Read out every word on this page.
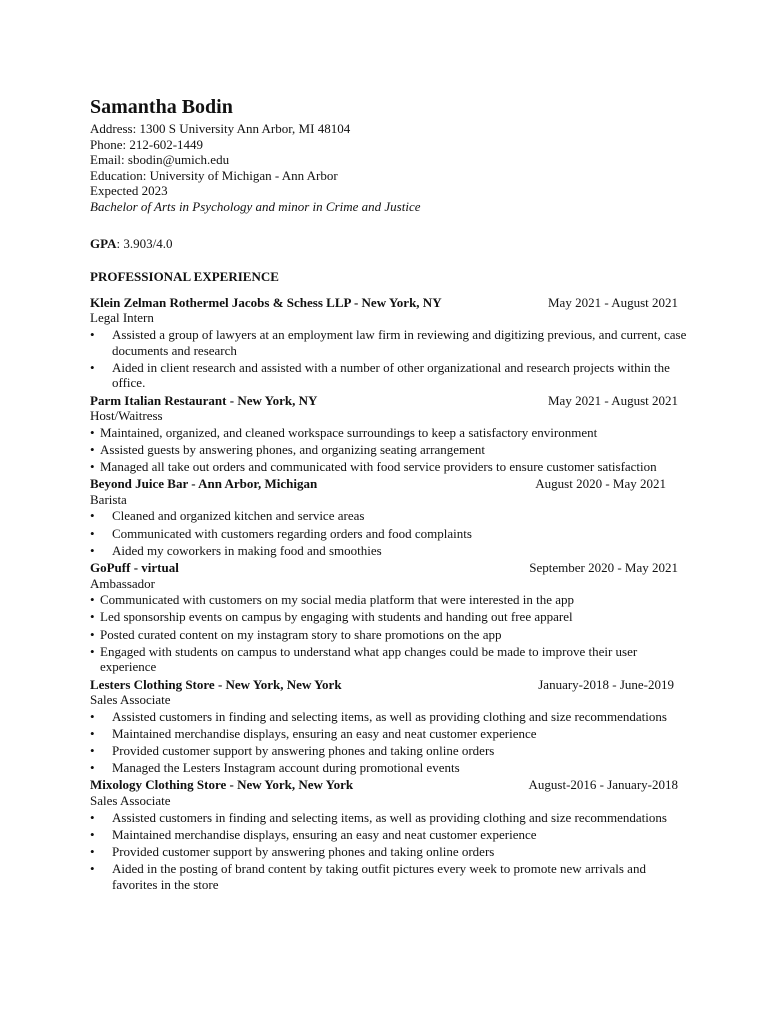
Samantha Bodin

Address: 1300 S University Ann Arbor, MI 48104

Phone: 212-602-1449

Email: sbodin@umich.edu

Education: University of Michigan - Ann Arbor

Expected 2023

Bachelor of Arts in Psychology and minor in Crime and Justice

GPA: 3.903/4.0

PROFESSIONAL EXPERIENCE
Klein Zelman Rothermel Jacobs & Schess LLP - New York, NY	May 2021 - August 2021
Legal Intern
• Assisted a group of lawyers at an employment law firm in reviewing and digitizing previous, and current, case documents and research
• Aided in client research and assisted with a number of other organizational and research projects within the office.
Parm Italian Restaurant - New York, NY	May 2021 - August 2021
Host/Waitress
• Maintained, organized, and cleaned workspace surroundings to keep a satisfactory environment
• Assisted guests by answering phones, and organizing seating arrangement
• Managed all take out orders and communicated with food service providers to ensure customer satisfaction
Beyond Juice Bar - Ann Arbor, Michigan	August 2020 - May 2021
Barista
• Cleaned and organized kitchen and service areas
• Communicated with customers regarding orders and food complaints
• Aided my coworkers in making food and smoothies
GoPuff - virtual	September 2020 - May 2021
Ambassador
• Communicated with customers on my social media platform that were interested in the app
• Led sponsorship events on campus by engaging with students and handing out free apparel
• Posted curated content on my instagram story to share promotions on the app
• Engaged with students on campus to understand what app changes could be made to improve their user experience
Lesters Clothing Store - New York, New York	January-2018 - June-2019
Sales Associate
• Assisted customers in finding and selecting items, as well as providing clothing and size recommendations
• Maintained merchandise displays, ensuring an easy and neat customer experience
• Provided customer support by answering phones and taking online orders
• Managed the Lesters Instagram account during promotional events
Mixology Clothing Store - New York, New York	August-2016 - January-2018
Sales Associate
• Assisted customers in finding and selecting items, as well as providing clothing and size recommendations
• Maintained merchandise displays, ensuring an easy and neat customer experience
• Provided customer support by answering phones and taking online orders
• Aided in the posting of brand content by taking outfit pictures every week to promote new arrivals and favorites in the store
